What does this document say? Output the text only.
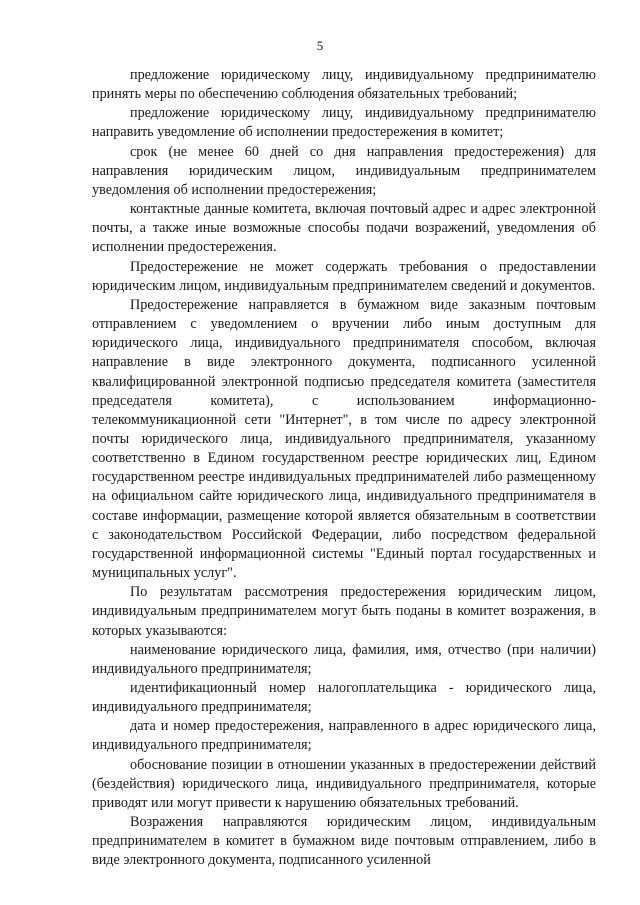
5

предложение юридическому лицу, индивидуальному предпринимателю принять меры по обеспечению соблюдения обязательных требований;

предложение юридическому лицу, индивидуальному предпринимателю направить уведомление об исполнении предостережения в комитет;

срок (не менее 60 дней со дня направления предостережения) для направления юридическим лицом, индивидуальным предпринимателем уведомления об исполнении предостережения;

контактные данные комитета, включая почтовый адрес и адрес электронной почты, а также иные возможные способы подачи возражений, уведомления об исполнении предостережения.

Предостережение не может содержать требования о предоставлении юридическим лицом, индивидуальным предпринимателем сведений и документов.

Предостережение направляется в бумажном виде заказным почтовым отправлением с уведомлением о вручении либо иным доступным для юридического лица, индивидуального предпринимателя способом, включая направление в виде электронного документа, подписанного усиленной квалифицированной электронной подписью председателя комитета (заместителя председателя комитета), с использованием информационно-телекоммуникационной сети "Интернет", в том числе по адресу электронной почты юридического лица, индивидуального предпринимателя, указанному соответственно в Едином государственном реестре юридических лиц, Едином государственном реестре индивидуальных предпринимателей либо размещенному на официальном сайте юридического лица, индивидуального предпринимателя в составе информации, размещение которой является обязательным в соответствии с законодательством Российской Федерации, либо посредством федеральной государственной информационной системы "Единый портал государственных и муниципальных услуг".

По результатам рассмотрения предостережения юридическим лицом, индивидуальным предпринимателем могут быть поданы в комитет возражения, в которых указываются:

наименование юридического лица, фамилия, имя, отчество (при наличии) индивидуального предпринимателя;

идентификационный номер налогоплательщика - юридического лица, индивидуального предпринимателя;

дата и номер предостережения, направленного в адрес юридического лица, индивидуального предпринимателя;

обоснование позиции в отношении указанных в предостережении действий (бездействия) юридического лица, индивидуального предпринимателя, которые приводят или могут привести к нарушению обязательных требований.

Возражения направляются юридическим лицом, индивидуальным предпринимателем в комитет в бумажном виде почтовым отправлением, либо в виде электронного документа, подписанного усиленной
